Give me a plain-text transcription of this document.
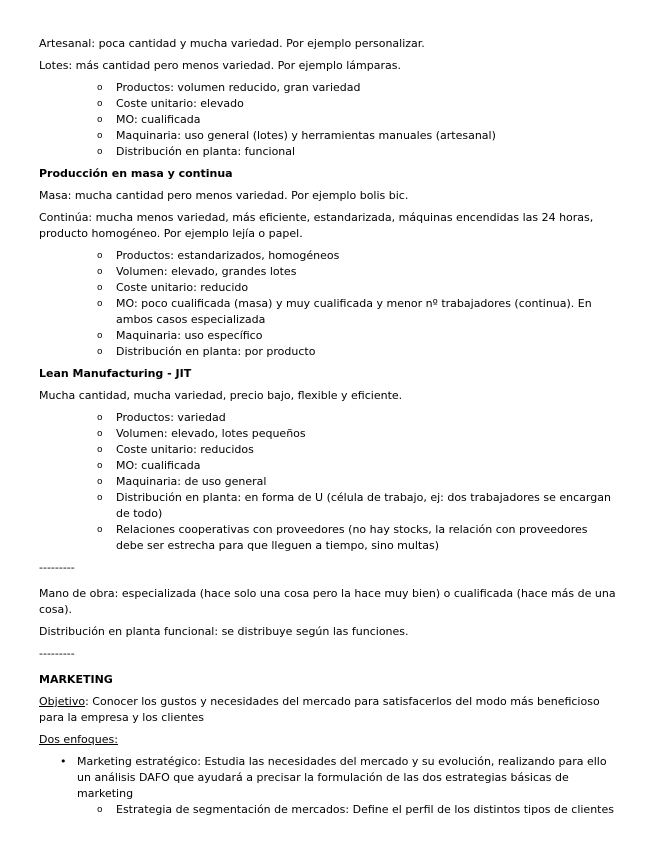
Artesanal: poca cantidad y mucha variedad. Por ejemplo personalizar.

Lotes: más cantidad pero menos variedad. Por ejemplo lámparas.

o Productos: volumen reducido, gran variedad
o Coste unitario: elevado
o MO: cualificada
o Maquinaria: uso general (lotes) y herramientas manuales (artesanal)
o Distribución en planta: funcional
Producción en masa y continua

Masa: mucha cantidad pero menos variedad. Por ejemplo bolis bic.

Continúa: mucha menos variedad, más eficiente, estandarizada, máquinas encendidas las 24 horas, producto homogéneo. Por ejemplo lejía o papel.

o Productos: estandarizados, homogéneos
o Volumen: elevado, grandes lotes
o Coste unitario: reducido
o MO: poco cualificada (masa) y muy cualificada y menor nº trabajadores (continua). En ambos casos especializada
o Maquinaria: uso específico
o Distribución en planta: por producto
Lean Manufacturing - JIT

Mucha cantidad, mucha variedad, precio bajo, flexible y eficiente.

o Productos: variedad
o Volumen: elevado, lotes pequeños
o Coste unitario: reducidos
o MO: cualificada
o Maquinaria: de uso general
o Distribución en planta: en forma de U (célula de trabajo, ej: dos trabajadores se encargan de todo)
o Relaciones cooperativas con proveedores (no hay stocks, la relación con proveedores debe ser estrecha para que lleguen a tiempo, sino multas)

---------

Mano de obra: especializada (hace solo una cosa pero la hace muy bien) o cualificada (hace más de una cosa).

Distribución en planta funcional: se distribuye según las funciones.

---------

MARKETING

Objetivo: Conocer los gustos y necesidades del mercado para satisfacerlos del modo más beneficioso para la empresa y los clientes

Dos enfoques:

• Marketing estratégico: Estudia las necesidades del mercado y su evolución, realizando para ello un análisis DAFO que ayudará a precisar la formulación de las dos estrategias básicas de marketing
o Estrategia de segmentación de mercados: Define el perfil de los distintos tipos de clientes
